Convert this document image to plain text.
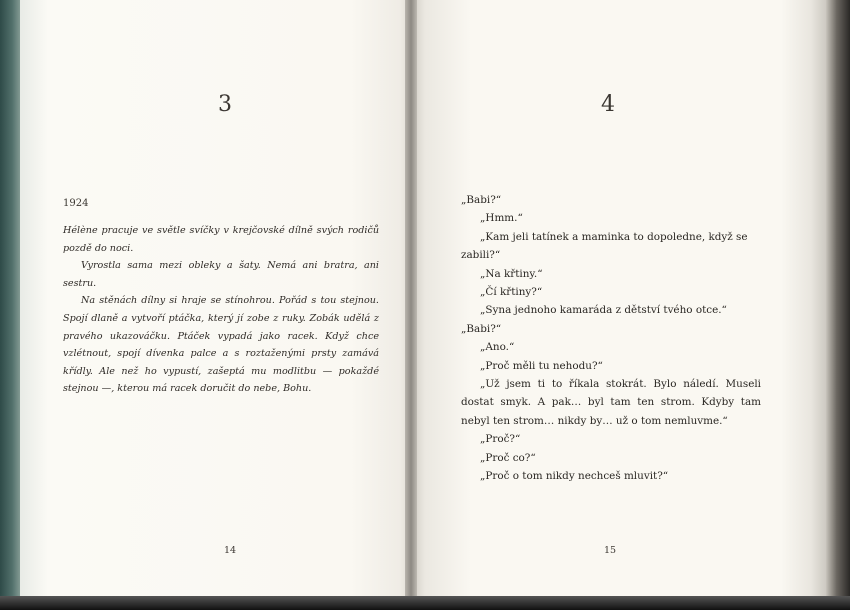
3
1924

Hélène pracuje ve světle svíčky v krejčovské dílně svých rodičů pozdě do noci.

Vyrostla sama mezi obleky a šaty. Nemá ani bratra, ani sestru.

Na stěnách dílny si hraje se stínohrou. Pořád s tou stejnou. Spojí dlaně a vytvoří ptáčka, který jí zobe z ruky. Zobák udělá z pravého ukazováčku. Ptáček vypadá jako racek. Když chce vzlétnout, spojí dívenka palce a s roztaženými prsty zamává křídly. Ale než ho vypustí, zašeptá mu modlitbu — pokaždé stejnou —, kterou má racek doručit do nebe, Bohu.

14
4

„Babi?“

„Hmm.“

„Kam jeli tatínek a maminka to dopoledne, když se zabili?“

„Na křtiny.“

„Čí křtiny?“

„Syna jednoho kamaráda z dětství tvého otce.“

„Babi?“

„Ano.“

„Proč měli tu nehodu?“

„Už jsem ti to říkala stokrát. Bylo náledí. Museli dostat smyk. A pak… byl tam ten strom. Kdyby tam nebyl ten strom… nikdy by… už o tom nemluvme.“

„Proč?“

„Proč co?“

„Proč o tom nikdy nechceš mluvit?“

15
